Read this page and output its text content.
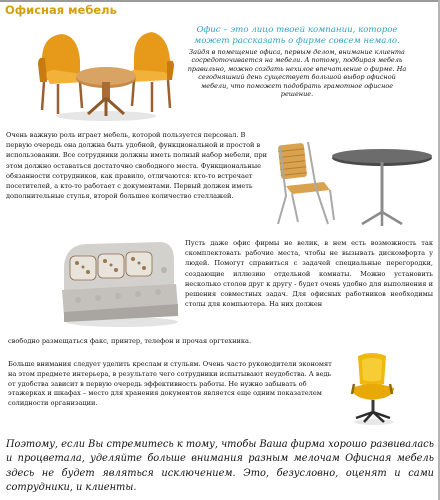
Офисная мебель
Офис – это лицо твоей компании, которое может рассказать о фирме совсем немало.
Зайдя в помещение офиса, первым делом, внимание клиента сосредоточивается на мебели. А потому, подбирая мебель правильно, можно создать нехилое впечатление о фирме. На сегодняшний день существует большой выбор офисной мебели, что поможет подобрать грамотное офисное решение.
Очень важную роль играет мебель, которой пользуется персонал. В первую очередь она должна быть удобной, функциональной и простой в использовании. Все сотрудники должны иметь полный набор мебели, при этом должно оставаться достаточно свободного места. Функциональные обязанности сотрудников, как правило, отличаются: кто-то встречает посетителей, а кто-то работает с документами. Первый должен иметь дополнительные стулья, второй большее количество стеллажей.
Пусть даже офис фирмы не велик, в нем есть возможность так скомплектовать рабочие места, чтобы не вызывать дискомфорта у людей. Помогут справиться с задачей специальные перегородки, создающие иллюзию отдельной комнаты. Можно установить несколько столов друг к другу - будет очень удобно для выполнения и решения совместных задач. Для офисных работников необходимы столы для компьютера. На них должен
свободно размещаться факс, принтер, телефон и прочая оргтехника.
Больше внимания следует уделить креслам и стульям. Очень часто руководители экономят на этом предмете интерьера, в результате чего сотрудники испытывают неудобства. А ведь от удобства зависит в первую очередь эффективность работы. Не нужно забывать об этажерках и шкафах – место для хранения документов является еще одним показателем солидности организации.
Поэтому, если Вы стремитесь к тому, чтобы Ваша фирма хорошо развивалась и процветала, уделяйте больше внимания разным мелочам Офисная мебель здесь не будет являться исключением. Это, безусловно, оценят и сами сотрудники, и клиенты.
